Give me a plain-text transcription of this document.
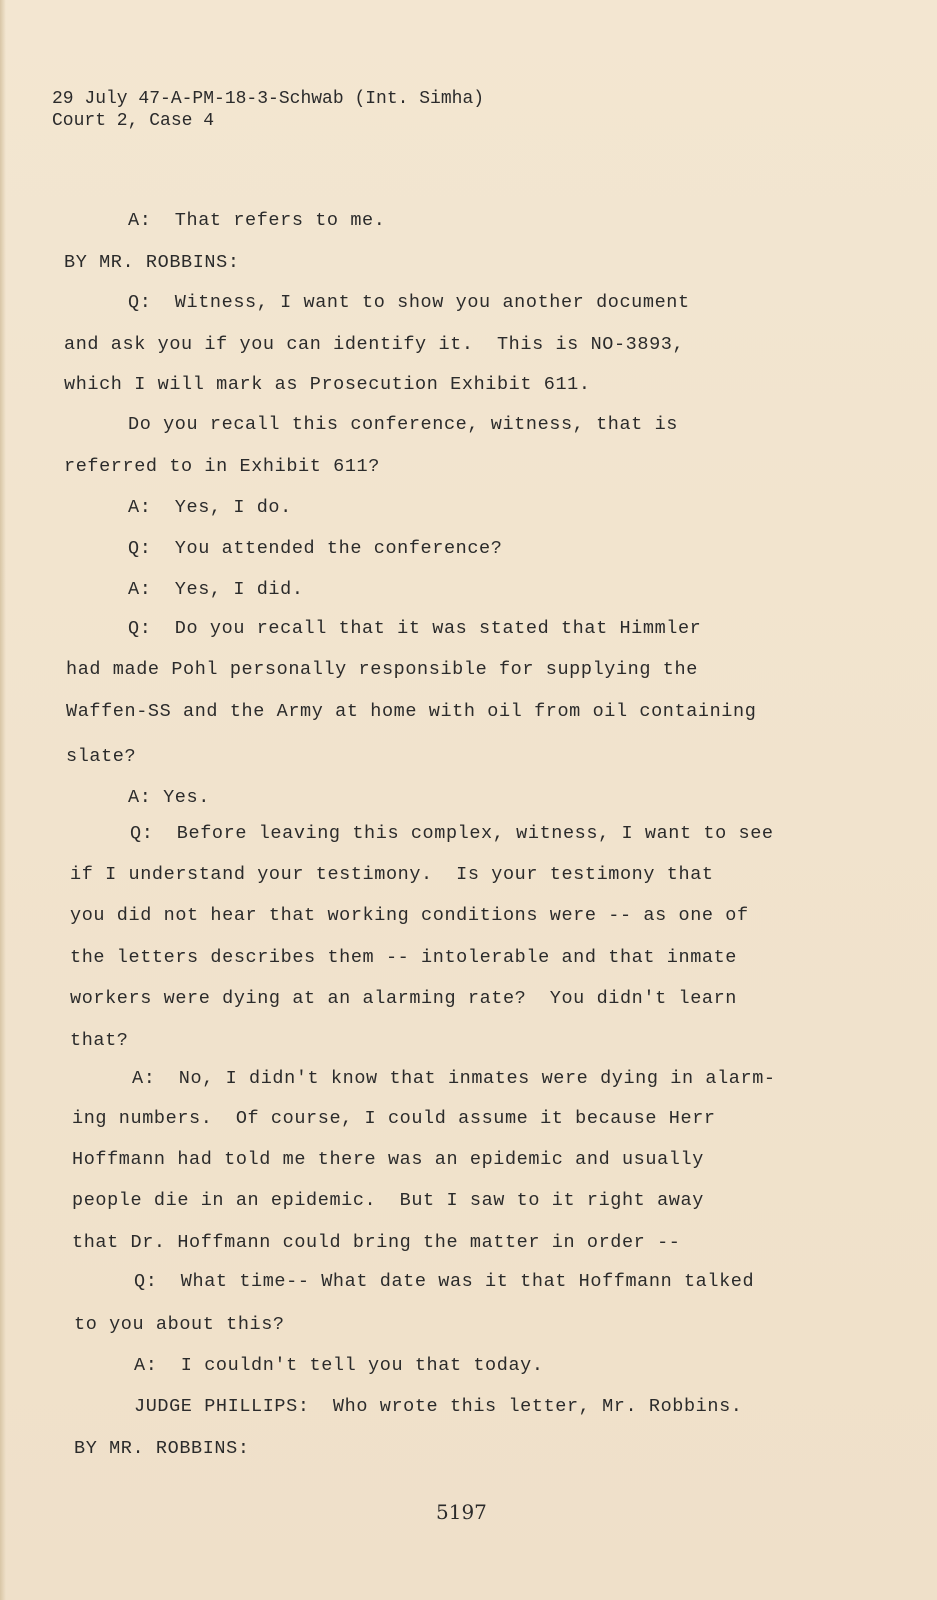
29 July 47-A-PM-18-3-Schwab (Int. Simha)
Court 2, Case 4
A:  That refers to me.
BY MR. ROBBINS:
Q:  Witness, I want to show you another document
and ask you if you can identify it.  This is NO-3893,
which I will mark as Prosecution Exhibit 611.
Do you recall this conference, witness, that is
referred to in Exhibit 611?
A:  Yes, I do.
Q:  You attended the conference?
A:  Yes, I did.
Q:  Do you recall that it was stated that Himmler
had made Pohl personally responsible for supplying the
Waffen-SS and the Army at home with oil from oil containing
slate?
A: Yes.
Q:  Before leaving this complex, witness, I want to see
if I understand your testimony.  Is your testimony that
you did not hear that working conditions were -- as one of
the letters describes them -- intolerable and that inmate
workers were dying at an alarming rate?  You didn't learn
that?
A:  No, I didn't know that inmates were dying in alarm-
ing numbers.  Of course, I could assume it because Herr
Hoffmann had told me there was an epidemic and usually
people die in an epidemic.  But I saw to it right away
that Dr. Hoffmann could bring the matter in order --
Q:  What time-- What date was it that Hoffmann talked
to you about this?
A:  I couldn't tell you that today.
JUDGE PHILLIPS:  Who wrote this letter, Mr. Robbins.
BY MR. ROBBINS:
5197
